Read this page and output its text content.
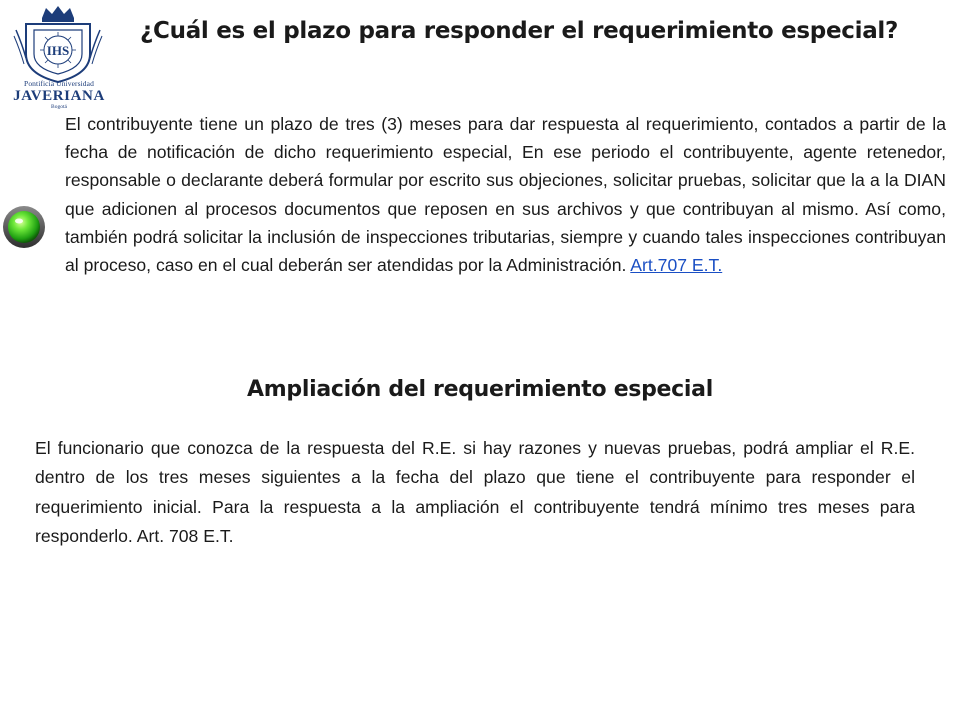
IHS
Pontificia Universidad
JAVERIANA
Bogotá
¿Cuál es el plazo para responder el requerimiento especial?

El contribuyente tiene un plazo de tres (3) meses para dar respuesta al requerimiento, contados a partir de la fecha de notificación de dicho requerimiento especial, En ese periodo el contribuyente, agente retenedor, responsable o declarante deberá formular por escrito sus objeciones, solicitar pruebas, solicitar que la a la DIAN que adicionen al procesos documentos que reposen en sus archivos y que contribuyan al mismo. Así como, también podrá solicitar la inclusión de inspecciones tributarias, siempre y cuando tales inspecciones contribuyan al proceso, caso en el cual deberán ser atendidas por la Administración. Art.707 E.T.

Ampliación del requerimiento especial

El funcionario que conozca de la respuesta del R.E. si hay razones y nuevas pruebas, podrá ampliar el R.E. dentro de los tres meses siguientes a la fecha del plazo que tiene el contribuyente para responder el requerimiento inicial. Para la respuesta a la ampliación el contribuyente tendrá mínimo tres meses para responderlo. Art. 708 E.T.
